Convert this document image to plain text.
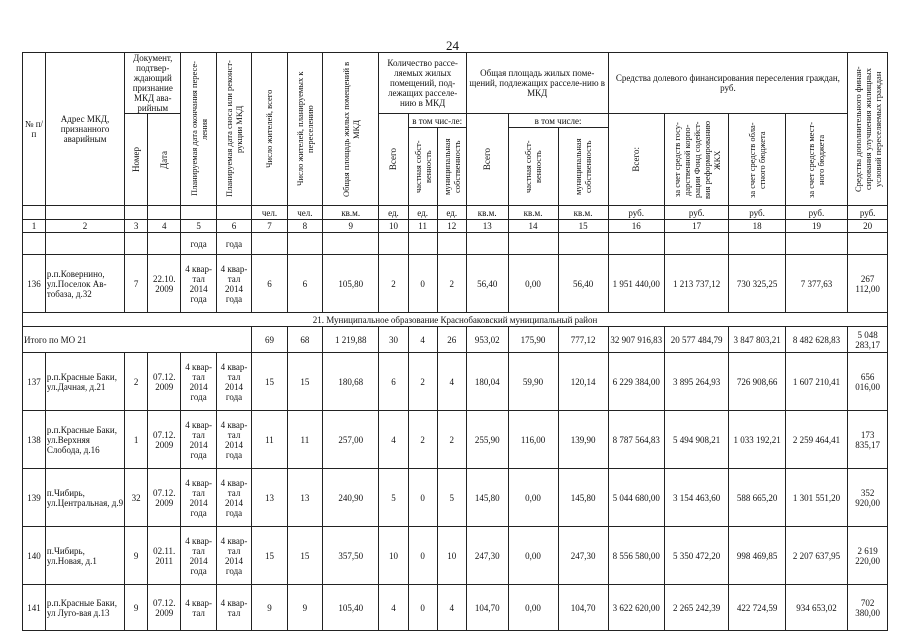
24
№ п/п	Адрес МКД, признанного аварийным	Документ, подтвер-ждающий признание МКД ава-рийным		Планируемая дата окончания пересе-ления	Планируемая дата сноса или реконст-рукции МКД	Число жителей, всего	Число жителей, планируемых к переселению	Общая площадь жилых помещений в МКД	Количество рассе-ляемых жилых помещений, под-лежащих расселе-нию в МКД			Общая площадь жилых поме-щений, подлежащих расселе-нию в МКД			Средства долевого финансирования переселения граждан, руб.				Средства дополнительного финан-сирования улучшения жилищных условий переселяемых граждан

		Номер	Дата						Всего	в том чис-ле:		Всего	в том числе:		Всего:	за счет средств госу-дарственной корпо-рации Фонд содейст-вия реформированию ЖКХ	за счет средств обла-стного бюджета	за счет средств мест-ного бюджета	

										частная собст-венность	муниципальная собственность		частная собст-венность	муниципальная собственность					

						чел.	чел.	кв.м.	ед.	ед.	ед.	кв.м.	кв.м.	кв.м.	руб.	руб.	руб.	руб.	руб.
1	2	3	4	5	6	7	8	9	10	11	12	13	14	15	16	17	18	19	20
				года	года														
136	р.п.Ковернино, ул.Поселок Ав-тобаза, д.32	7	22.10. 2009	4 квар-тал 2014 года	4 квар-тал 2014 года	6	6	105,80	2	0	2	56,40	0,00	56,40	1 951 440,00	1 213 737,12	730 325,25	7 377,63	267 112,00
21. Муниципальное образование Краснобаковский муниципальный район																			
Итого по МО 21						69	68	1 219,88	30	4	26	953,02	175,90	777,12	32 907 916,83	20 577 484,79	3 847 803,21	8 482 628,83	5 048 283,17
137	р.п.Красные Баки, ул.Дачная, д.21	2	07.12. 2009	4 квар-тал 2014 года	4 квар-тал 2014 года	15	15	180,68	6	2	4	180,04	59,90	120,14	6 229 384,00	3 895 264,93	726 908,66	1 607 210,41	656 016,00
138	р.п.Красные Баки, ул.Верхняя Слобода, д.16	1	07.12. 2009	4 квар-тал 2014 года	4 квар-тал 2014 года	11	11	257,00	4	2	2	255,90	116,00	139,90	8 787 564,83	5 494 908,21	1 033 192,21	2 259 464,41	173 835,17
139	п.Чибирь, ул.Центральная, д.9	32	07.12. 2009	4 квар-тал 2014 года	4 квар-тал 2014 года	13	13	240,90	5	0	5	145,80	0,00	145,80	5 044 680,00	3 154 463,60	588 665,20	1 301 551,20	352 920,00
140	п.Чибирь, ул.Новая, д.1	9	02.11. 2011	4 квар-тал 2014 года	4 квар-тал 2014 года	15	15	357,50	10	0	10	247,30	0,00	247,30	8 556 580,00	5 350 472,20	998 469,85	2 207 637,95	2 619 220,00
141	р.п.Красные Баки, ул Луго-вая д.13	9	07.12. 2009	4 квар-тал	4 квар-тал	9	9	105,40	4	0	4	104,70	0,00	104,70	3 622 620,00	2 265 242,39	422 724,59	934 653,02	702 380,00
